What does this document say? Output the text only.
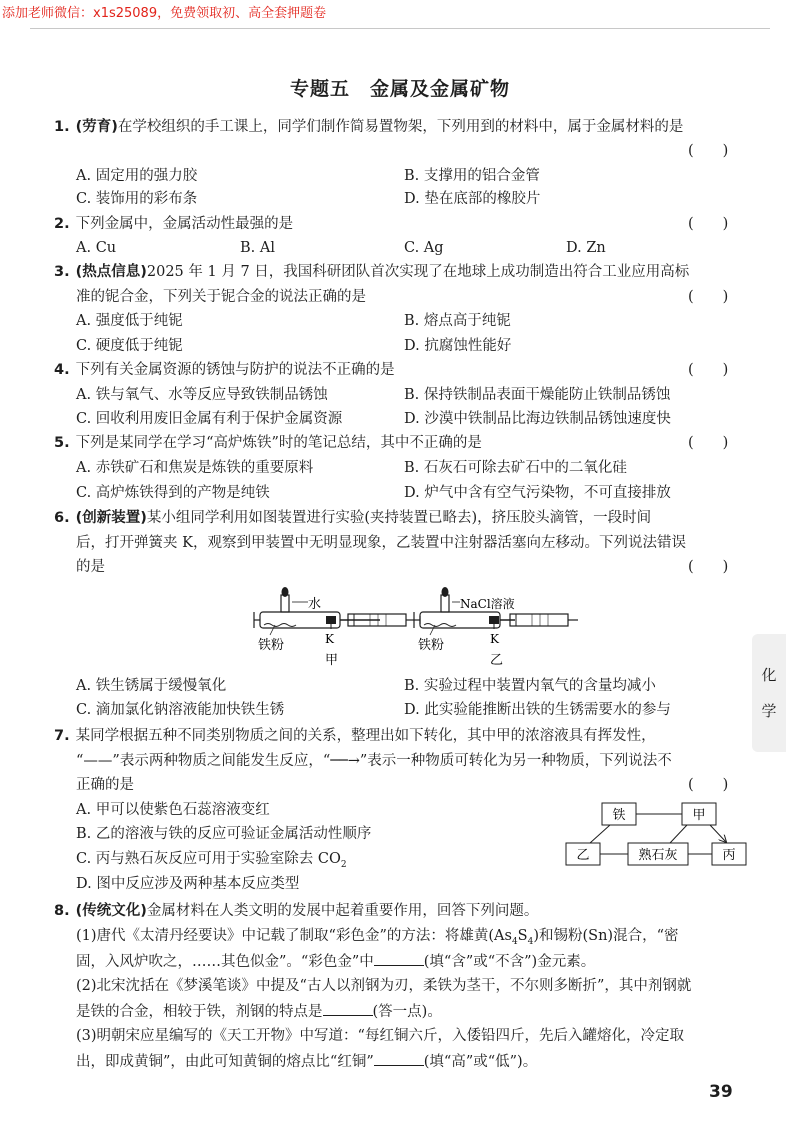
添加老师微信：x1s25089，免费领取初、高全套押题卷
专题五　金属及金属矿物
1. (劳育)在学校组织的手工课上，同学们制作简易置物架，下列用到的材料中，属于金属材料的是
(　　)
A. 固定用的强力胶	B. 支撑用的铝合金管
C. 装饰用的彩布条	D. 垫在底部的橡胶片
2. 下列金属中，金属活动性最强的是	(　　)
A. Cu	B. Al	C. Ag	D. Zn
3. (热点信息)2025 年 1 月 7 日，我国科研团队首次实现了在地球上成功制造出符合工业应用高标
准的铌合金，下列关于铌合金的说法正确的是	(　　)
A. 强度低于纯铌	B. 熔点高于纯铌
C. 硬度低于纯铌	D. 抗腐蚀性能好
4. 下列有关金属资源的锈蚀与防护的说法不正确的是	(　　)
A. 铁与氧气、水等反应导致铁制品锈蚀	B. 保持铁制品表面干燥能防止铁制品锈蚀
C. 回收利用废旧金属有利于保护金属资源	D. 沙漠中铁制品比海边铁制品锈蚀速度快
5. 下列是某同学在学习“高炉炼铁”时的笔记总结，其中不正确的是	(　　)
A. 赤铁矿石和焦炭是炼铁的重要原料	B. 石灰石可除去矿石中的二氧化硅
C. 高炉炼铁得到的产物是纯铁	D. 炉气中含有空气污染物，不可直接排放
6. (创新装置)某小组同学利用如图装置进行实验(夹持装置已略去)，挤压胶头滴管，一段时间
后，打开弹簧夹 K，观察到甲装置中无明显现象，乙装置中注射器活塞向左移动。下列说法错误
的是	(　　)
水
铁粉	K
甲
NaCl溶液
铁粉	K
乙
A. 铁生锈属于缓慢氧化	B. 实验过程中装置内氧气的含量均减小
C. 滴加氯化钠溶液能加快铁生锈	D. 此实验能推断出铁的生锈需要水的参与
7. 某同学根据五种不同类别物质之间的关系，整理出如下转化，其中甲的浓溶液具有挥发性，
“——”表示两种物质之间能发生反应，“──→”表示一种物质可转化为另一种物质，下列说法不
正确的是	(　　)
A. 甲可以使紫色石蕊溶液变红
B. 乙的溶液与铁的反应可验证金属活动性顺序
C. 丙与熟石灰反应可用于实验室除去 $CO_2$
D. 图中反应涉及两种基本反应类型
铁	甲
乙	熟石灰	丙
8. (传统文化)金属材料在人类文明的发展中起着重要作用，回答下列问题。
(1)唐代《太清丹经要诀》中记载了制取“彩色金”的方法：将雄黄$(As_4S_4)$和锡粉(Sn)混合，“密
固，入风炉吹之，……其色似金”。“彩色金”中	(填“含”或“不含”)金元素。
(2)北宋沈括在《梦溪笔谈》中提及“古人以剂钢为刃，柔铁为茎干，不尔则多断折”，其中剂钢就
是铁的合金，相较于铁，剂钢的特点是	(答一点)。
(3)明朝宋应星编写的《天工开物》中写道：“每红铜六斤，入倭铅四斤，先后入罐熔化，冷定取
出，即成黄铜”，由此可知黄铜的熔点比“红铜”	(填“高”或“低”)。
化
学
39
